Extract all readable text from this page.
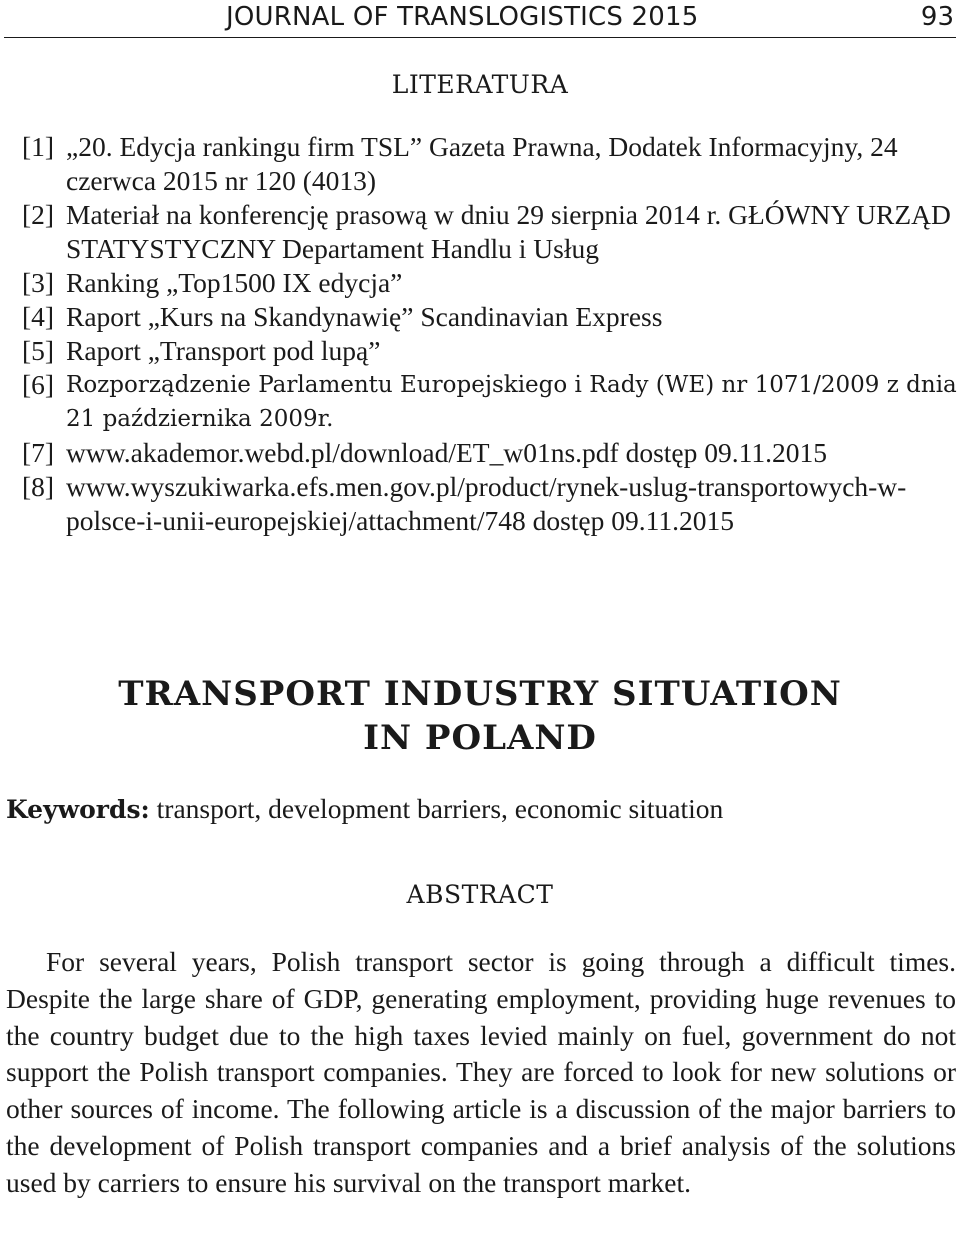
JOURNAL OF TRANSLOGISTICS 2015	93
LITERATURA

[1] „20. Edycja rankingu firm TSL” Gazeta Prawna, Dodatek Informacyjny, 24 czerwca 2015 nr 120 (4013)

[2] Materiał na konferencję prasową w dniu 29 sierpnia 2014 r. GŁÓWNY URZĄD STATYSTYCZNY Departament Handlu i Usług

[3] Ranking „Top1500 IX edycja”

[4] Raport „Kurs na Skandynawię” Scandinavian Express

[5] Raport „Transport pod lupą”

[6] Rozporządzenie Parlamentu Europejskiego i Rady (WE) nr 1071/2009 z dnia 21 października 2009r.

[7] www.akademor.webd.pl/download/ET_w01ns.pdf dostęp 09.11.2015

[8] www.wyszukiwarka.efs.men.gov.pl/product/rynek-uslug-transportowych-w-polsce-i-unii-europejskiej/attachment/748 dostęp 09.11.2015

TRANSPORT INDUSTRY SITUATION
IN POLAND
Keywords: transport, development barriers, economic situation
ABSTRACT

For several years, Polish transport sector is going through a difficult times. Despite the large share of GDP, generating employment, providing huge revenues to the country budget due to the high taxes levied mainly on fuel, government do not support the Polish transport companies. They are forced to look for new solutions or other sources of income. The following article is a discussion of the major barriers to the development of Polish transport companies and a brief analysis of the solutions used by carriers to ensure his survival on the transport market.
